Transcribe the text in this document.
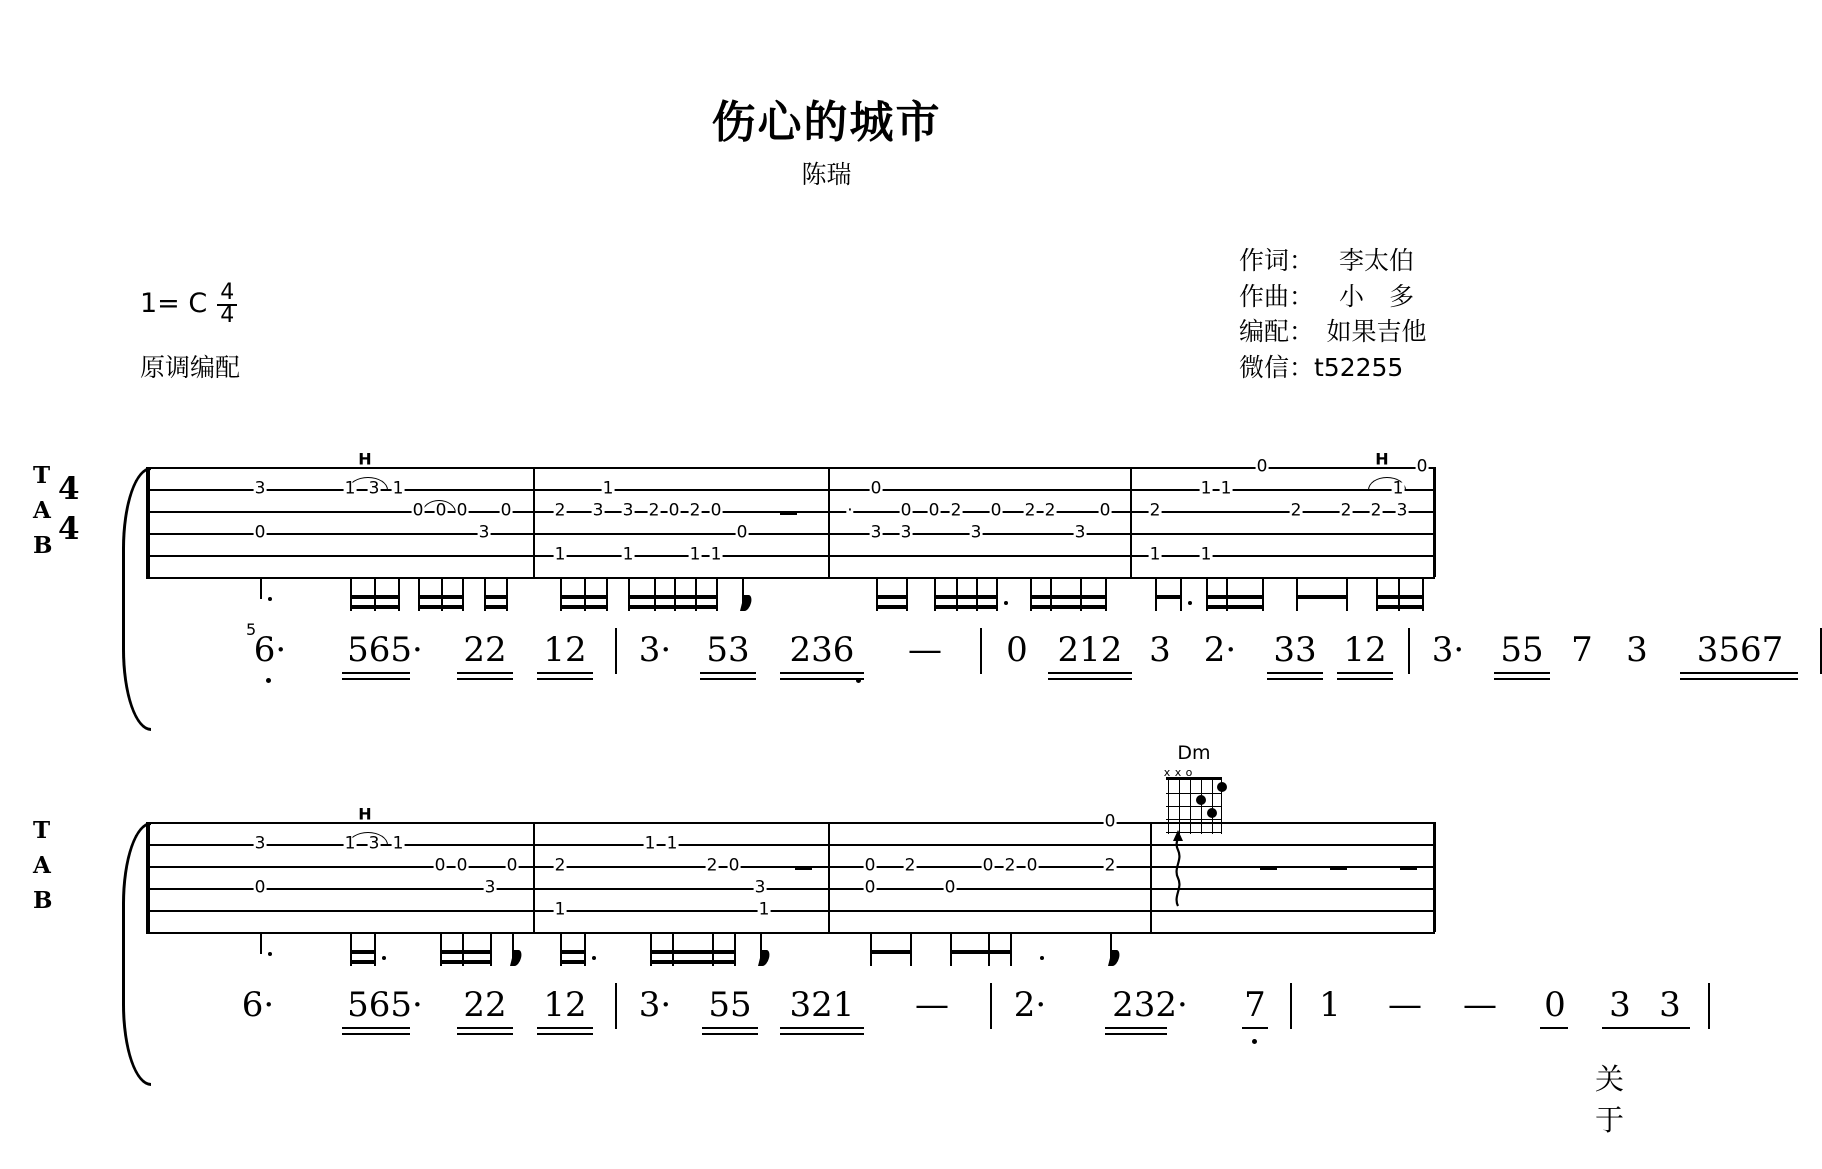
伤心的城市
陈瑞
1= C $\frac{4}{4}$
原调编配
作词： 李太伯
作曲： 小　多
编配： 如果吉他
微信： t52255
T
A
B
4
4
3
0
H
1 3 1
0 0 0
3
0	2
1
1
3 3
1
2 0 2 0
1 1
0
·
0
3
0
3
0 2
3
0 2 2
3
0 2
1
1 1
1
0
2 2
H
2
1
3
0
5
6· 565· 22 12 3· 53 236 — 0 212 3 2· 33 12 3· 55 7 3 3567
T
A
B
Dm
x x o
3
0
H
1 3 1
0 0
3
0 2
1
1 1
2 0
3
1
0
0
2
0
0 2 0
0
2
6· 565· 22 12 3· 55 321 — 2· 232· 7 1 — — 0 3 3
关于
